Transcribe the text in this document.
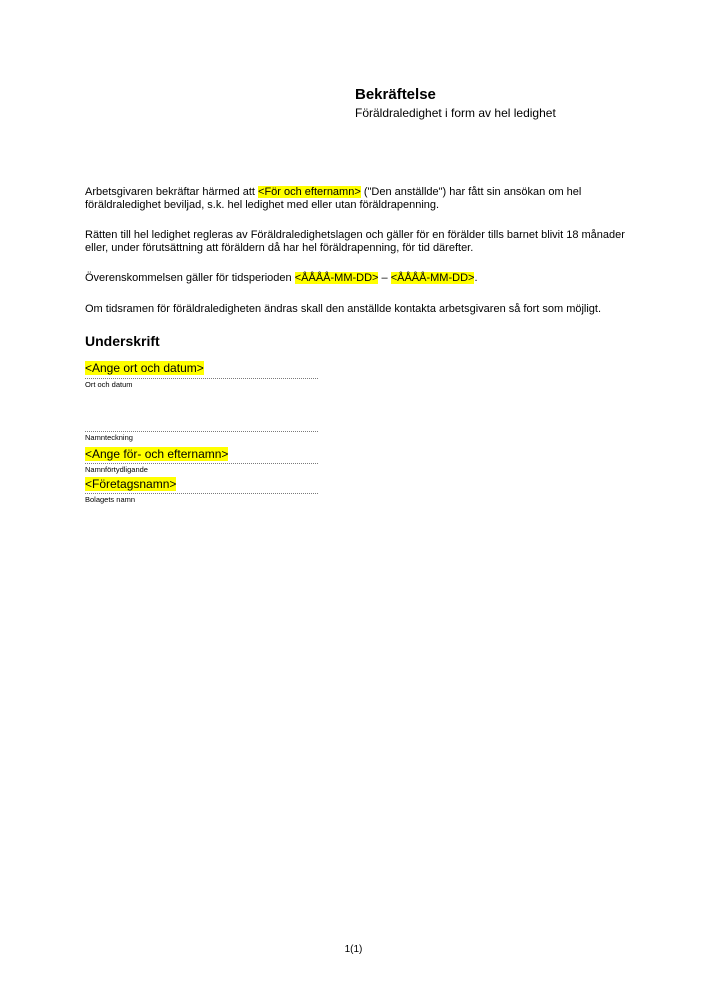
Bekräftelse
Föräldraledighet i form av hel ledighet

Arbetsgivaren bekräftar härmed att <För och efternamn> ("Den anställde") har fått sin ansökan om hel föräldraledighet beviljad, s.k. hel ledighet med eller utan föräldrapenning.

Rätten till hel ledighet regleras av Föräldraledighetslagen och gäller för en förälder tills barnet blivit 18 månader eller, under förutsättning att föräldern då har hel föräldrapenning, för tid därefter.

Överenskommelsen gäller för tidsperioden <ÅÅÅÅ-MM-DD> – <ÅÅÅÅ-MM-DD>.

Om tidsramen för föräldraledigheten ändras skall den anställde kontakta arbetsgivaren så fort som möjligt.

Underskrift
<Ange ort och datum>
Ort och datum
Namnteckning
<Ange för- och efternamn>
Namnförtydligande
<Företagsnamn>
Bolagets namn
1(1)
